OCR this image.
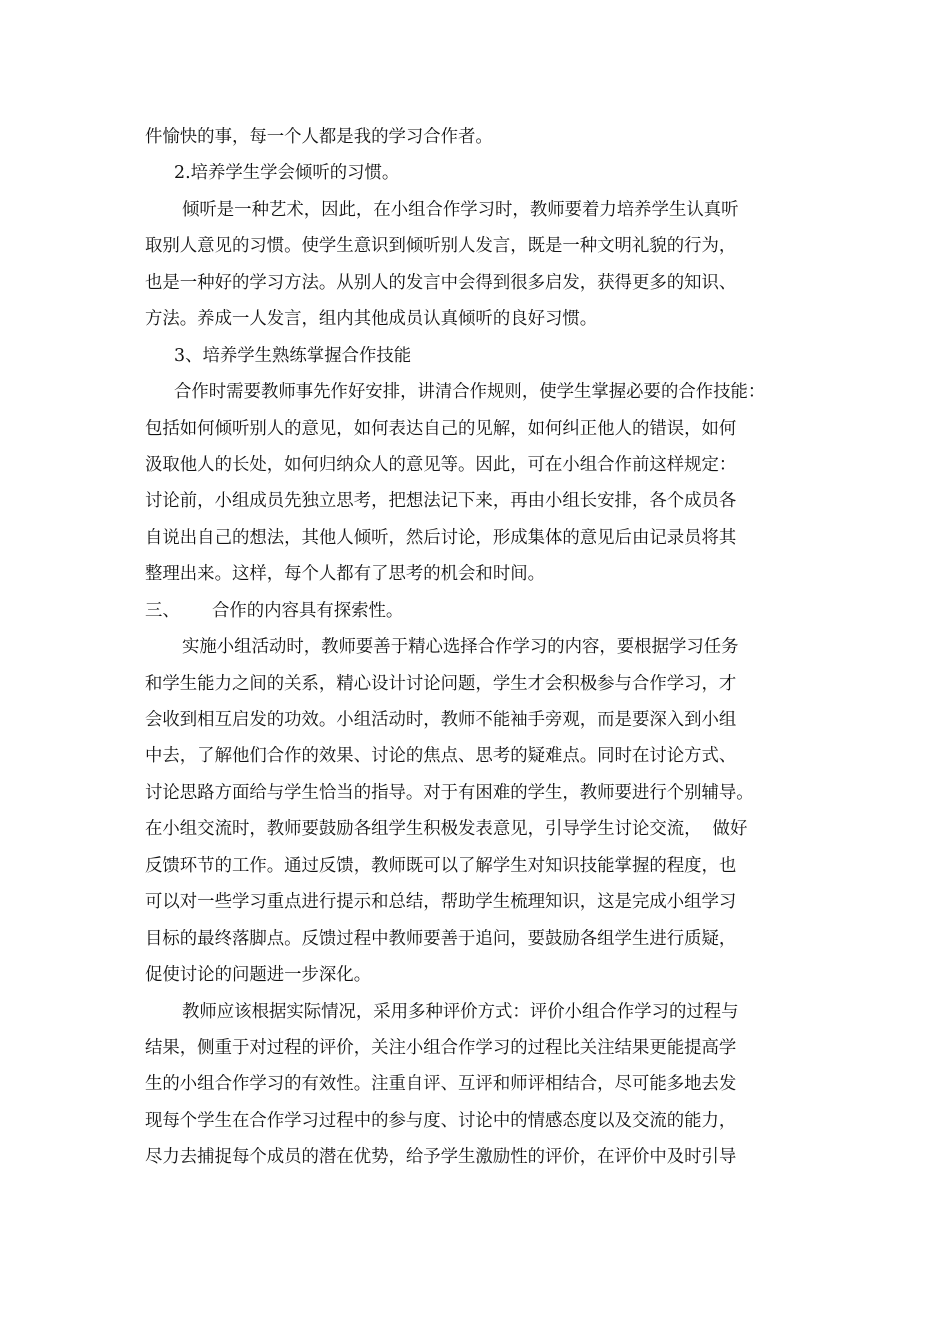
件愉快的事，每一个人都是我的学习合作者。
2.培养学生学会倾听的习惯。
倾听是一种艺术，因此，在小组合作学习时，教师要着力培养学生认真听
取别人意见的习惯。使学生意识到倾听别人发言，既是一种文明礼貌的行为，
也是一种好的学习方法。从别人的发言中会得到很多启发，获得更多的知识、
方法。养成一人发言，组内其他成员认真倾听的良好习惯。
3、培养学生熟练掌握合作技能
合作时需要教师事先作好安排，讲清合作规则，使学生掌握必要的合作技能：
包括如何倾听别人的意见，如何表达自己的见解，如何纠正他人的错误，如何
汲取他人的长处，如何归纳众人的意见等。因此，可在小组合作前这样规定：
讨论前，小组成员先独立思考，把想法记下来，再由小组长安排，各个成员各
自说出自己的想法，其他人倾听，然后讨论，形成集体的意见后由记录员将其
整理出来。这样，每个人都有了思考的机会和时间。
三、 合作的内容具有探索性。
实施小组活动时，教师要善于精心选择合作学习的内容，要根据学习任务
和学生能力之间的关系，精心设计讨论问题，学生才会积极参与合作学习，才
会收到相互启发的功效。小组活动时，教师不能袖手旁观，而是要深入到小组
中去，了解他们合作的效果、讨论的焦点、思考的疑难点。同时在讨论方式、
讨论思路方面给与学生恰当的指导。对于有困难的学生，教师要进行个别辅导。
在小组交流时，教师要鼓励各组学生积极发表意见，引导学生讨论交流，  做好
反馈环节的工作。通过反馈，教师既可以了解学生对知识技能掌握的程度，也
可以对一些学习重点进行提示和总结，帮助学生梳理知识，这是完成小组学习
目标的最终落脚点。反馈过程中教师要善于追问，要鼓励各组学生进行质疑，
促使讨论的问题进一步深化。
教师应该根据实际情况，采用多种评价方式：评价小组合作学习的过程与
结果，侧重于对过程的评价，关注小组合作学习的过程比关注结果更能提高学
生的小组合作学习的有效性。注重自评、互评和师评相结合，尽可能多地去发
现每个学生在合作学习过程中的参与度、讨论中的情感态度以及交流的能力，
尽力去捕捉每个成员的潜在优势，给予学生激励性的评价，在评价中及时引导
